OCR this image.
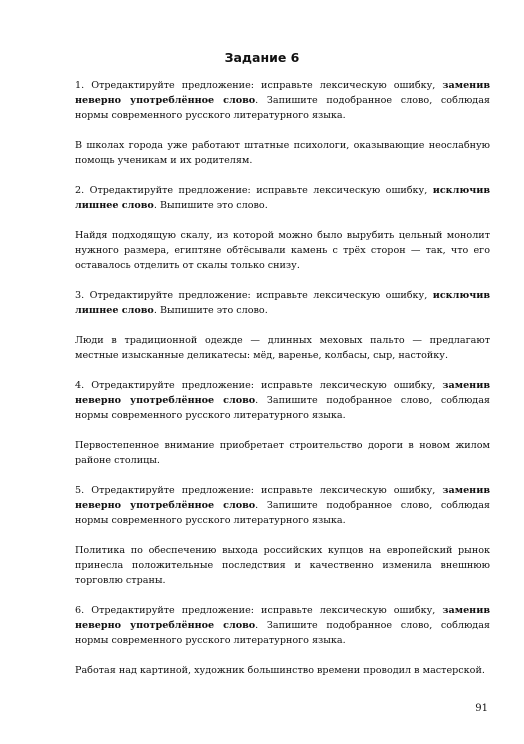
Задание 6

1. Отредактируйте предложение: исправьте лексическую ошибку, заменив неверно употреблённое слово. Запишите подобранное слово, соблюдая нормы современного русского литературного языка.

В школах города уже работают штатные психологи, оказывающие неослабную помощь ученикам и их родителям.

2. Отредактируйте предложение: исправьте лексическую ошибку, исключив лишнее слово. Выпишите это слово.

Найдя подходящую скалу, из которой можно было вырубить цельный монолит нужного размера, египтяне обтёсывали камень с трёх сторон — так, что его оставалось отделить от скалы только снизу.

3. Отредактируйте предложение: исправьте лексическую ошибку, исключив лишнее слово. Выпишите это слово.

Люди в традиционной одежде — длинных меховых пальто — предлагают местные изысканные деликатесы: мёд, варенье, колбасы, сыр, настойку.

4. Отредактируйте предложение: исправьте лексическую ошибку, заменив неверно употреблённое слово. Запишите подобранное слово, соблюдая нормы современного русского литературного языка.

Первостепенное внимание приобретает строительство дороги в новом жилом районе столицы.

5. Отредактируйте предложение: исправьте лексическую ошибку, заменив неверно употреблённое слово. Запишите подобранное слово, соблюдая нормы современного русского литературного языка.

Политика по обеспечению выхода российских купцов на европейский рынок принесла положительные последствия и качественно изменила внешнюю торговлю страны.

6. Отредактируйте предложение: исправьте лексическую ошибку, заменив неверно употреблённое слово. Запишите подобранное слово, соблюдая нормы современного русского литературного языка.

Работая над картиной, художник большинство времени проводил в мастерской.

91
